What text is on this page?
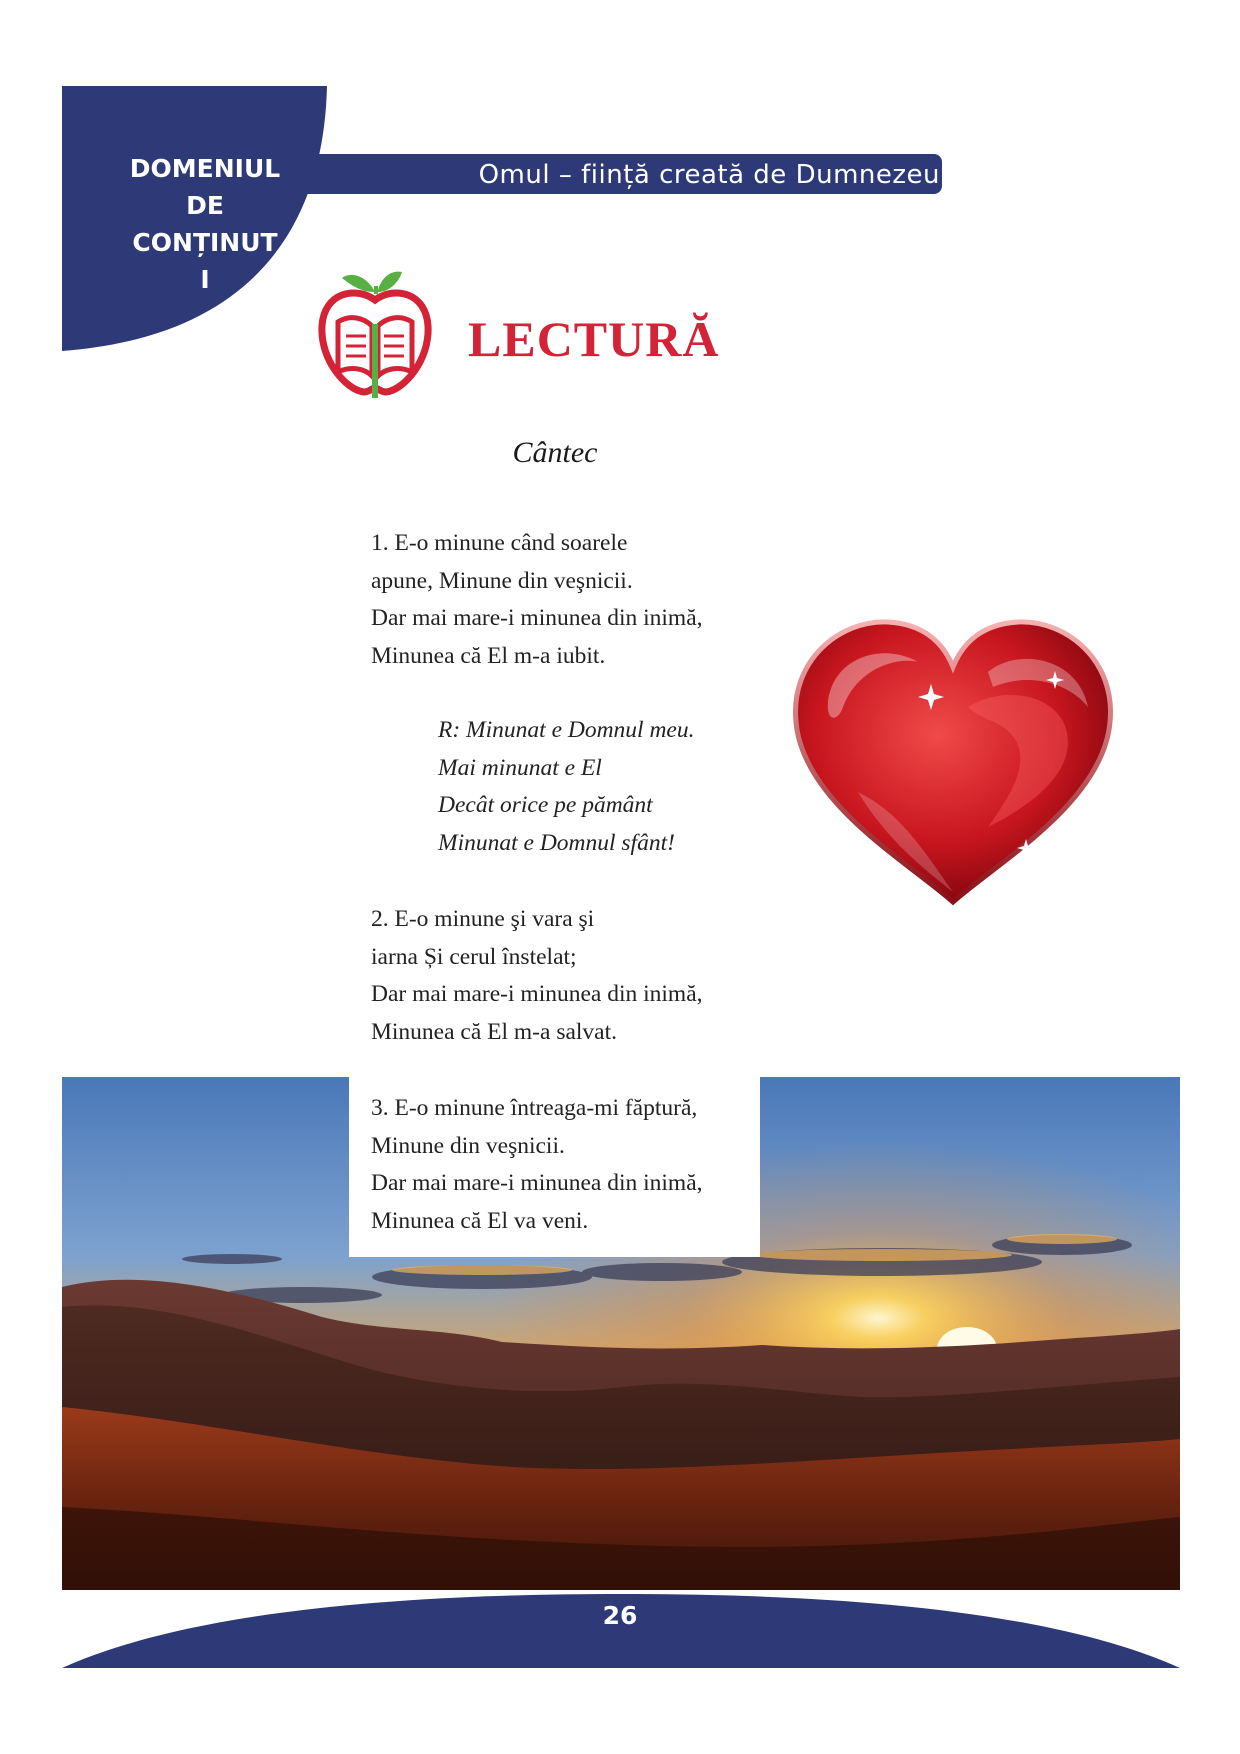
DOMENIUL
DE
CONȚINUT
I
Omul – ființă creată de Dumnezeu
LECTURĂ
Cântec
1. E-o minune când soarele
apune, Minune din veşnicii.
Dar mai mare-i minunea din inimă,
Minunea că El m-a iubit.
R: Minunat e Domnul meu.
Mai minunat e El
Decât orice pe pământ
Minunat e Domnul sfânt!
2. E-o minune şi vara şi
iarna Și cerul înstelat;
Dar mai mare-i minunea din inimă,
Minunea că El m-a salvat.
3. E-o minune întreaga-mi făptură,
Minune din veşnicii.
Dar mai mare-i minunea din inimă,
Minunea că El va veni.
26
